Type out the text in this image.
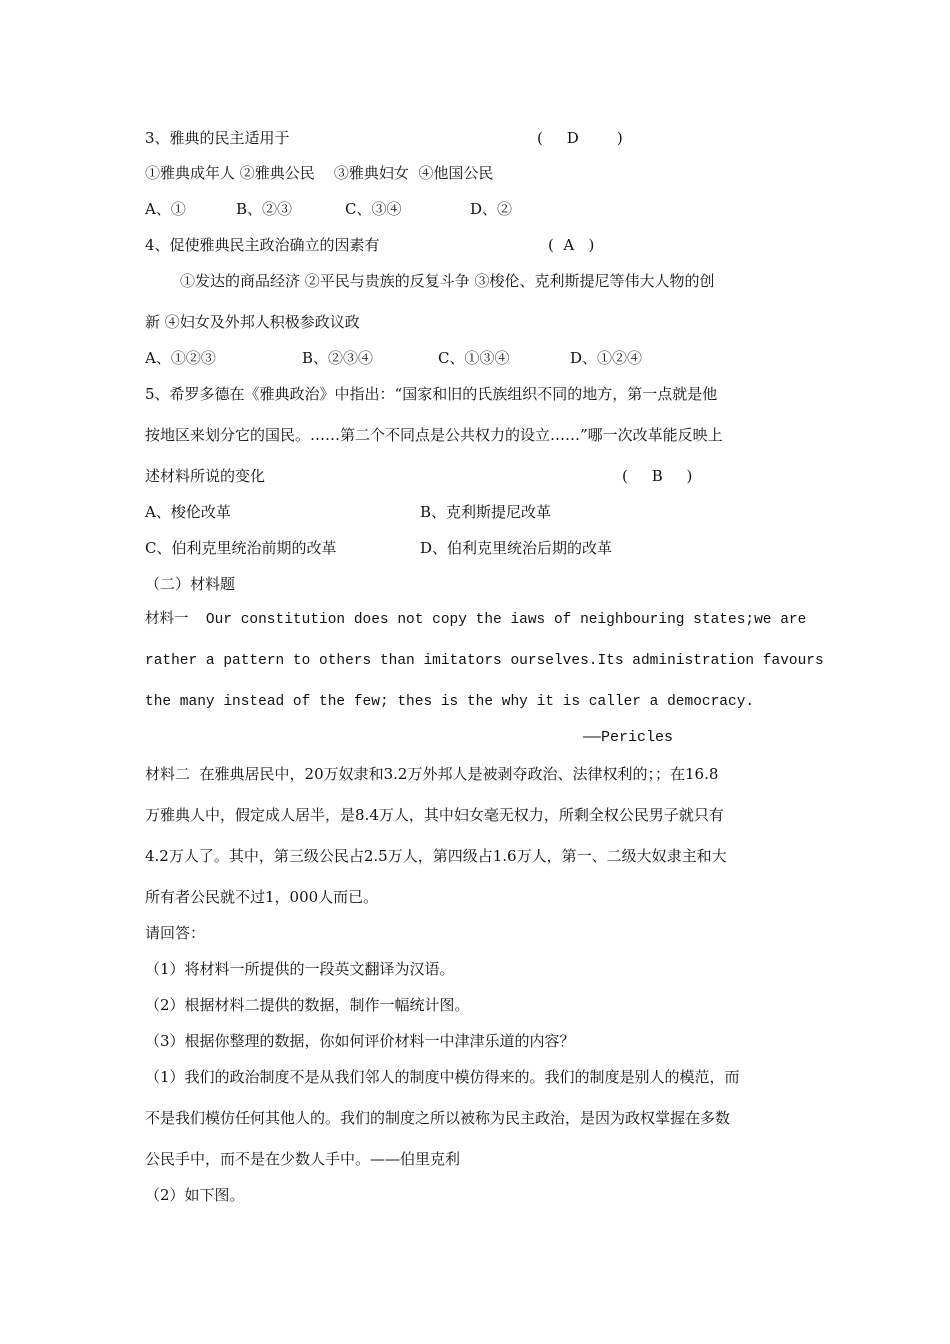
3、雅典的民主适用于	(     D        )
①雅典成年人 ②雅典公民    ③雅典妇女  ④他国公民
A、①	B、②③	C、③④	D、②
4、促使雅典民主政治确立的因素有	(  A   )
①发达的商品经济 ②平民与贵族的反复斗争 ③梭伦、克利斯提尼等伟大人物的创
新 ④妇女及外邦人积极参政议政
A、①②③	B、②③④	C、①③④	D、①②④
5、希罗多德在《雅典政治》中指出：“国家和旧的氏族组织不同的地方，第一点就是他
按地区来划分它的国民。……第二个不同点是公共权力的设立……”哪一次改革能反映上
述材料所说的变化	(     B     )
A、梭伦改革	B、克利斯提尼改革
C、伯利克里统治前期的改革	D、伯利克里统治后期的改革
（二）材料题
材料一  Our constitution does not copy the iaws of neighbouring states;we are
rather a pattern to others than imitators ourselves.Its administration favours
the many instead of the few; thes is the why it is caller a democracy.
——Pericles
材料二  在雅典居民中，20万奴隶和3.2万外邦人是被剥夺政治、法律权利的；；在16.8
万雅典人中，假定成人居半，是8.4万人，其中妇女毫无权力，所剩全权公民男子就只有
4.2万人了。其中，第三级公民占2.5万人，第四级占1.6万人，第一、二级大奴隶主和大
所有者公民就不过1，000人而已。
请回答：
（1）将材料一所提供的一段英文翻译为汉语。
（2）根据材料二提供的数据，制作一幅统计图。
（3）根据你整理的数据，你如何评价材料一中津津乐道的内容？
（1）我们的政治制度不是从我们邻人的制度中模仿得来的。我们的制度是别人的模范，而
不是我们模仿任何其他人的。我们的制度之所以被称为民主政治，是因为政权掌握在多数
公民手中，而不是在少数人手中。——伯里克利
（2）如下图。
